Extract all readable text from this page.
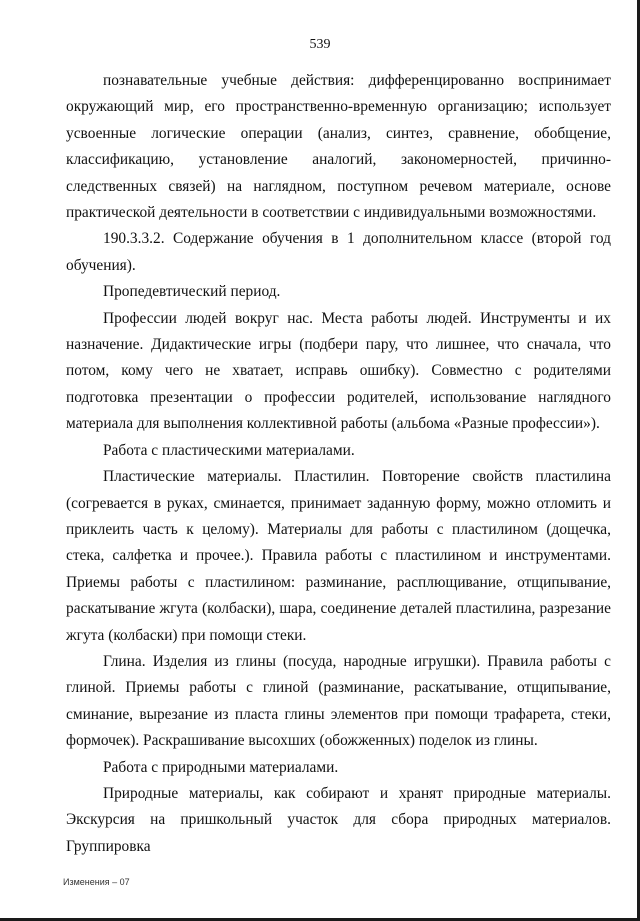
539

познавательные учебные действия: дифференцированно воспринимает окружающий мир, его пространственно-временную организацию; использует усвоенные логические операции (анализ, синтез, сравнение, обобщение, классификацию, установление аналогий, закономерностей, причинно-следственных связей) на наглядном, поступном речевом материале, основе практической деятельности в соответствии с индивидуальными возможностями.

190.3.3.2. Содержание обучения в 1 дополнительном классе (второй год обучения).

Пропедевтический период.

Профессии людей вокруг нас. Места работы людей. Инструменты и их назначение. Дидактические игры (подбери пару, что лишнее, что сначала, что потом, кому чего не хватает, исправь ошибку). Совместно с родителями подготовка презентации о профессии родителей, использование наглядного материала для выполнения коллективной работы (альбома «Разные профессии»).

Работа с пластическими материалами.

Пластические материалы. Пластилин. Повторение свойств пластилина (согревается в руках, сминается, принимает заданную форму, можно отломить и приклеить часть к целому). Материалы для работы с пластилином (дощечка, стека, салфетка и прочее.). Правила работы с пластилином и инструментами. Приемы работы с пластилином: разминание, расплющивание, отщипывание, раскатывание жгута (колбаски), шара, соединение деталей пластилина, разрезание жгута (колбаски) при помощи стеки.

Глина. Изделия из глины (посуда, народные игрушки). Правила работы с глиной. Приемы работы с глиной (разминание, раскатывание, отщипывание, сминание, вырезание из пласта глины элементов при помощи трафарета, стеки, формочек). Раскрашивание высохших (обожженных) поделок из глины.

Работа с природными материалами.

Природные материалы, как собирают и хранят природные материалы. Экскурсия на пришкольный участок для сбора природных материалов. Группировка

Изменения – 07
